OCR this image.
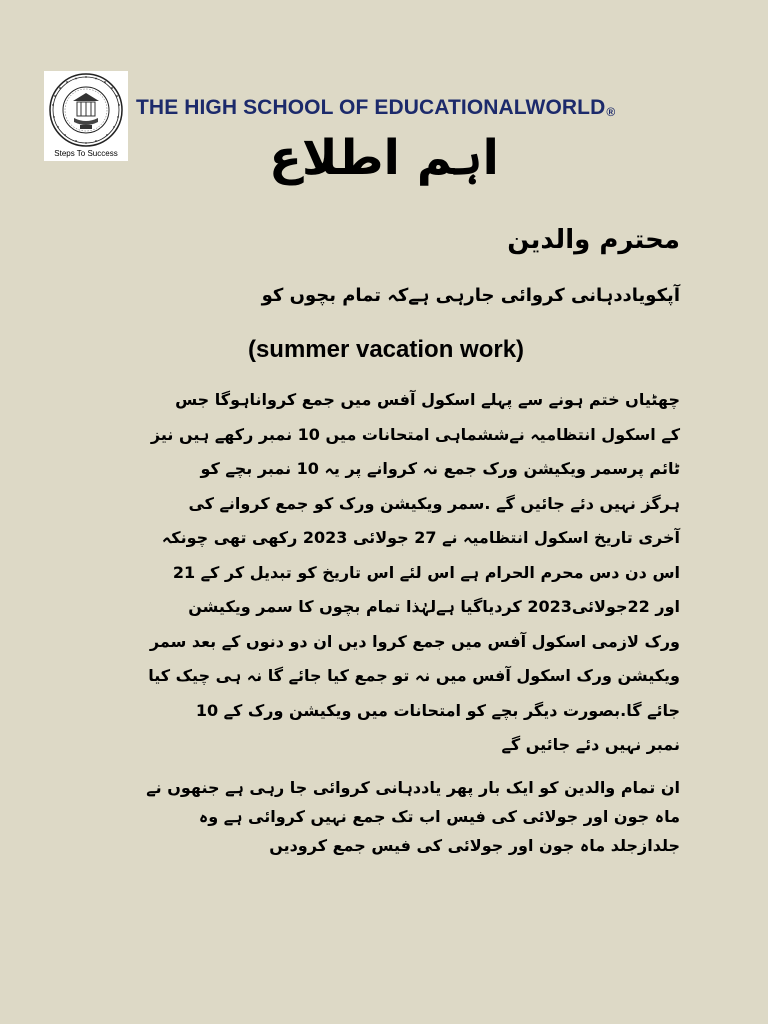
Steps To Success
THE HIGH SCHOOL OF EDUCATIONALWORLD®
اہم اطلاع
محترم والدین
آپکویاددہانی کروائی جارہی ہےکہ تمام بچوں کو
(summer vacation work)
چھٹیاں ختم ہونے سے پہلے اسکول آفس میں جمع کرواناہوگا جس
کے اسکول انتظامیہ نےششماہی امتحانات میں 10 نمبر رکھے ہیں نیز
ٹائم پرسمر ویکیشن ورک جمع نہ کروانے پر یہ 10 نمبر بچے کو
ہرگز نہیں دئے جائیں گے .سمر ویکیشن ورک کو جمع کروانے کی
آخری تاریخ اسکول انتظامیہ نے 27 جولائی 2023 رکھی تھی چونکہ
اس دن دس محرم الحرام ہے اس لئے اس تاریخ کو تبدیل کر کے 21
اور 22جولائی2023 کردیاگیا ہےلہٰذا تمام بچوں کا سمر ویکیشن
ورک لازمی اسکول آفس میں جمع کروا دیں ان دو دنوں کے بعد سمر
ویکیشن ورک اسکول آفس میں نہ تو جمع کیا جائے گا نہ ہی چیک کیا
جائے گا.بصورت دیگر بچے کو امتحانات میں ویکیشن ورک کے 10
نمبر نہیں دئے جائیں گے
ان تمام والدین کو ایک بار پھر یاددہانی کروائی جا رہی ہے جنھوں نے
ماہ جون اور جولائی کی فیس اب تک جمع نہیں کروائی ہے وہ
جلدازجلد ماہ جون اور جولائی کی فیس جمع کرودیں
